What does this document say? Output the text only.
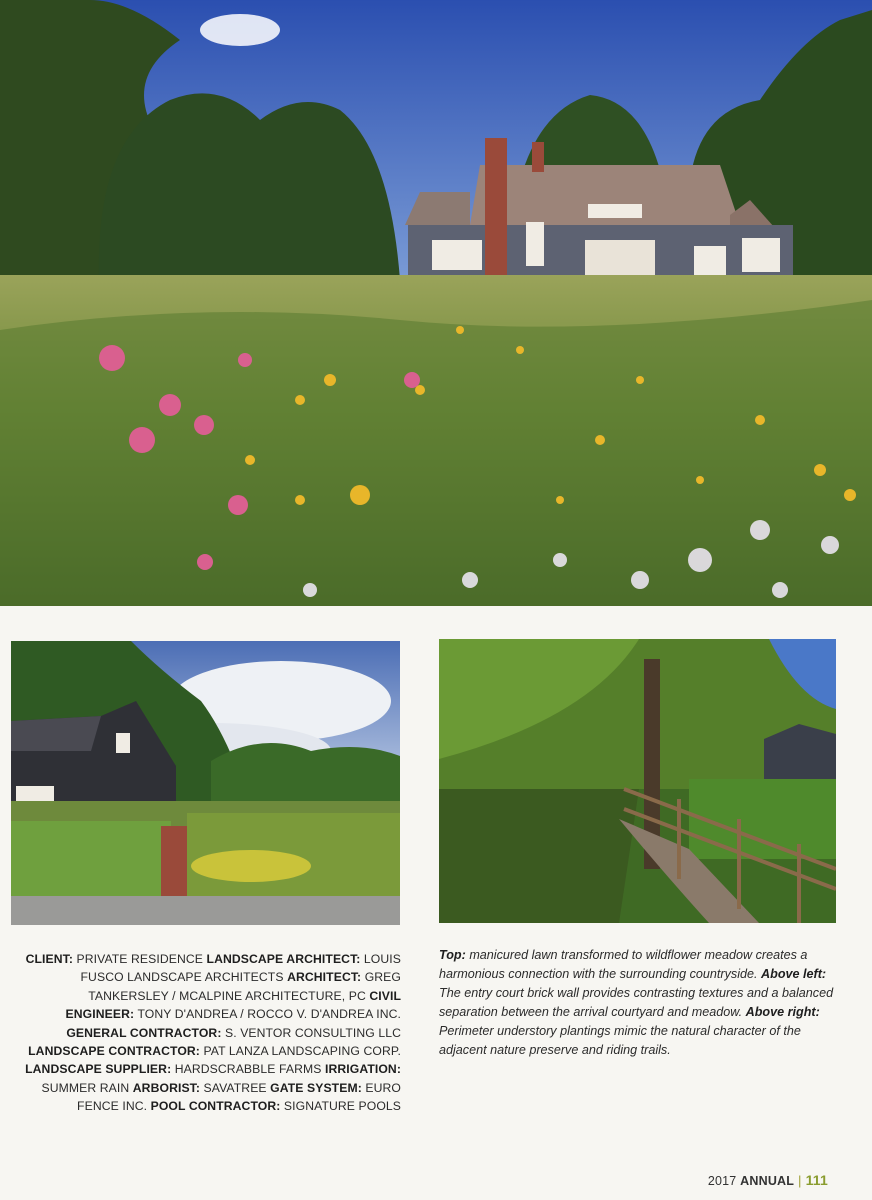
CLIENT: PRIVATE RESIDENCE LANDSCAPE ARCHITECT: LOUIS FUSCO LANDSCAPE ARCHITECTS ARCHITECT: GREG TANKERSLEY / MCALPINE ARCHITECTURE, PC CIVIL ENGINEER: TONY D'ANDREA / ROCCO V. D'ANDREA INC. GENERAL CONTRACTOR: S. VENTOR CONSULTING LLC LANDSCAPE CONTRACTOR: PAT LANZA LANDSCAPING CORP. LANDSCAPE SUPPLIER: HARDSCRABBLE FARMS IRRIGATION: SUMMER RAIN ARBORIST: SAVATREE GATE SYSTEM: EURO FENCE INC. POOL CONTRACTOR: SIGNATURE POOLS
Top: manicured lawn transformed to wildflower meadow creates a harmonious connection with the surrounding countryside. Above left: The entry court brick wall provides contrasting textures and a balanced separation between the arrival courtyard and meadow. Above right: Perimeter understory plantings mimic the natural character of the adjacent nature preserve and riding trails.
2017 ANNUAL | 111
